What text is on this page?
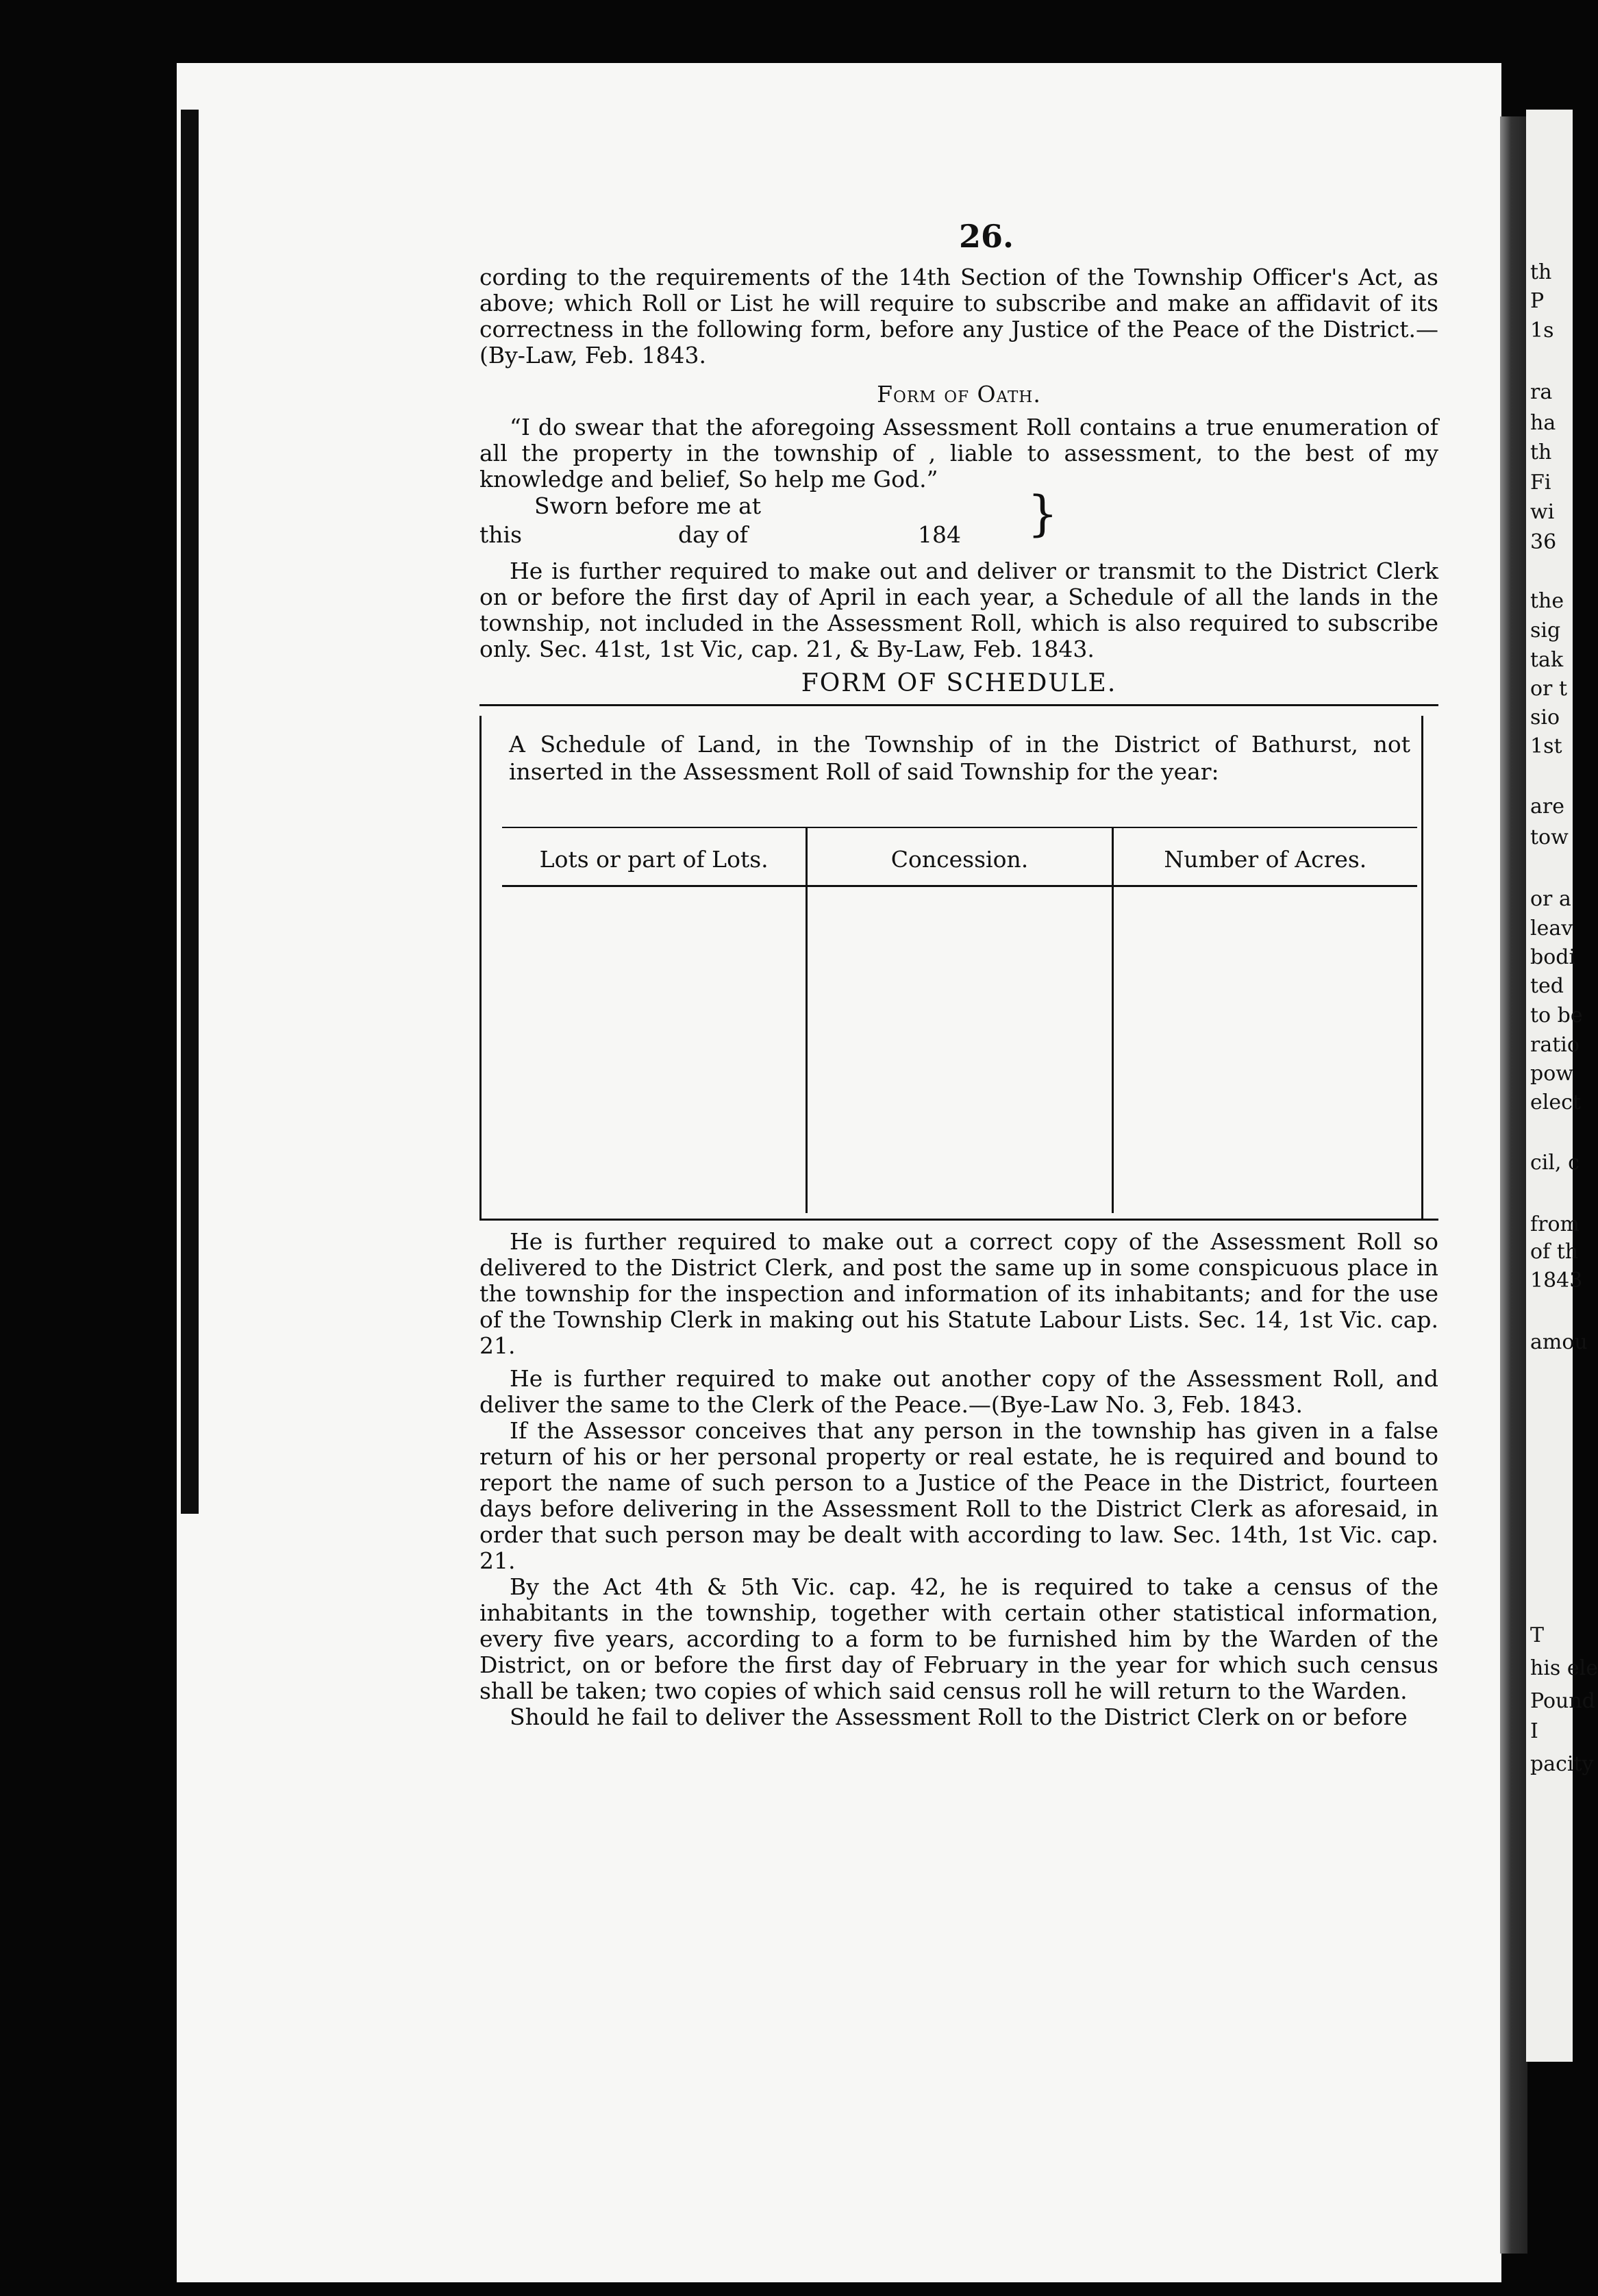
th
P
1s
ra
ha
th
Fi
wi
36
the
sig
tak
or t
sio
1st
are
tow
or a
leav
bodi
ted
to be
ratio
pow
elect
cil, c
from
of th
1843
amou
T
his ele
Pound
I
pacity
26.

cording to the requirements of the 14th Section of the Township Officer's Act, as above; which Roll or List he will require to subscribe and make an affidavit of its correctness in the following form, before any Justice of the Peace of the District.—(By-Law, Feb. 1843.

Form of Oath.

“I do swear that the aforegoing Assessment Roll contains a true enumeration of all the property in the township of , liable to assessment, to the best of my knowledge and belief, So help me God.”

Sworn before me at
this	day of	184 }

He is further required to make out and deliver or transmit to the District Clerk on or before the first day of April in each year, a Schedule of all the lands in the township, not included in the Assessment Roll, which is also required to subscribe only. Sec. 41st, 1st Vic, cap. 21, & By-Law, Feb. 1843.

FORM OF SCHEDULE.
A Schedule of Land, in the Township of in the District of Bathurst, not inserted in the Assessment Roll of said Township for the year:
Lots or part of Lots.	Concession.	Number of Acres.

He is further required to make out a correct copy of the Assessment Roll so delivered to the District Clerk, and post the same up in some conspicuous place in the township for the inspection and information of its inhabitants; and for the use of the Township Clerk in making out his Statute Labour Lists. Sec. 14, 1st Vic. cap. 21.

He is further required to make out another copy of the Assessment Roll, and deliver the same to the Clerk of the Peace.—(Bye-Law No. 3, Feb. 1843.

If the Assessor conceives that any person in the township has given in a false return of his or her personal property or real estate, he is required and bound to report the name of such person to a Justice of the Peace in the District, fourteen days before delivering in the Assessment Roll to the District Clerk as aforesaid, in order that such person may be dealt with according to law. Sec. 14th, 1st Vic. cap. 21.

By the Act 4th & 5th Vic. cap. 42, he is required to take a census of the inhabitants in the township, together with certain other statistical information, every five years, according to a form to be furnished him by the Warden of the District, on or before the first day of February in the year for which such census shall be taken; two copies of which said census roll he will return to the Warden.

Should he fail to deliver the Assessment Roll to the District Clerk on or before
